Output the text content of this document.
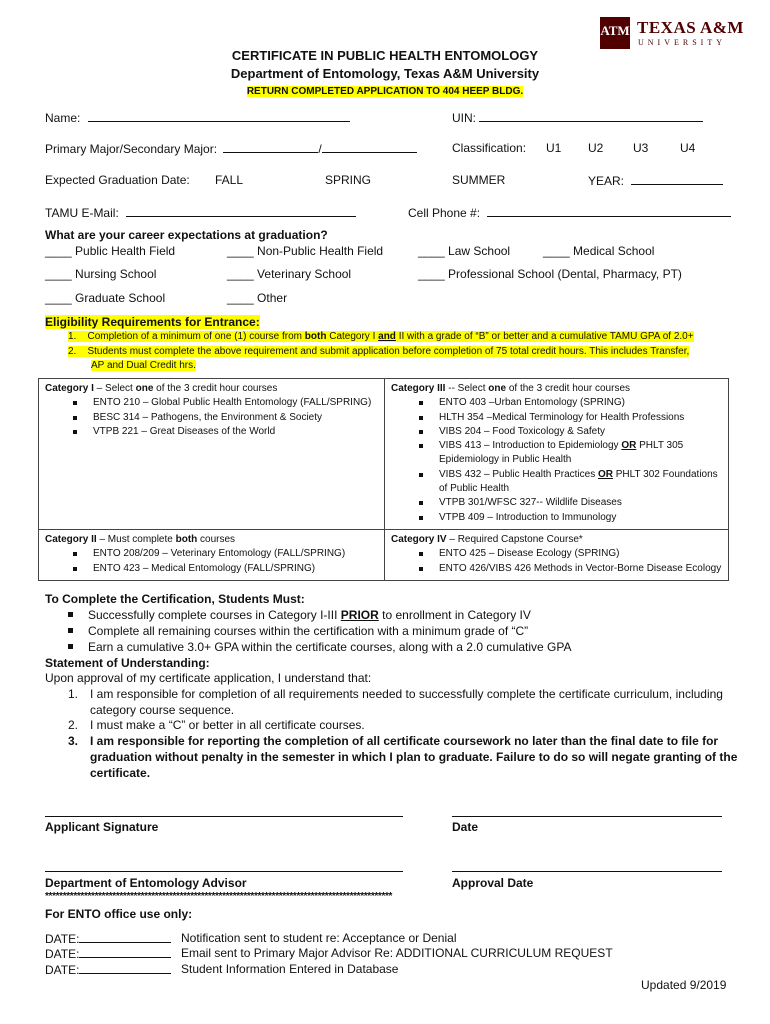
ATM TEXAS A&M
UNIVERSITY
CERTIFICATE IN PUBLIC HEALTH ENTOMOLOGY
Department of Entomology, Texas A&M University
RETURN COMPLETED APPLICATION TO 404 HEEP BLDG.
Name:	UIN:
Primary Major/Secondary Major:	/	Classification: U1 U2 U3	U4
Expected Graduation Date: FALL	SPRING	SUMMER	YEAR:
TAMU E-Mail:	Cell Phone #:
What are your career expectations at graduation?
____ Public Health Field	____ Non-Public Health Field	____ Law School	____ Medical School
____ Nursing School	____ Veterinary School	____ Professional School (Dental, Pharmacy, PT)
____ Graduate School	____ Other
Eligibility Requirements for Entrance:
1. Completion of a minimum of one (1) course from both Category I and II with a grade of “B” or better and a cumulative TAMU GPA of 2.0+
2. Students must complete the above requirement and submit application before completion of 75 total credit hours. This includes Transfer,
AP and Dual Credit hrs.
Category I – Select one of the 3 credit hour courses
ENTO 210 – Global Public Health Entomology (FALL/SPRING)
BESC 314 – Pathogens, the Environment & Society
VTPB 221 – Great Diseases of the World
Category III -- Select one of the 3 credit hour courses
ENTO 403 –Urban Entomology (SPRING)
HLTH 354 –Medical Terminology for Health Professions
VIBS 204 – Food Toxicology & Safety
VIBS 413 – Introduction to Epidemiology OR PHLT 305
Epidemiology in Public Health
VIBS 432 – Public Health Practices OR PHLT 302 Foundations
of Public Health
VTPB 301/WFSC 327-- Wildlife Diseases
VTPB 409 – Introduction to Immunology
Category II – Must complete both courses
ENTO 208/209 – Veterinary Entomology (FALL/SPRING)
ENTO 423 – Medical Entomology (FALL/SPRING)
Category IV – Required Capstone Course*
ENTO 425 – Disease Ecology (SPRING)
ENTO 426/VIBS 426 Methods in Vector-Borne Disease Ecology
To Complete the Certification, Students Must:
Successfully complete courses in Category I-III PRIOR to enrollment in Category IV
Complete all remaining courses within the certification with a minimum grade of “C”
Earn a cumulative 3.0+ GPA within the certificate courses, along with a 2.0 cumulative GPA
Statement of Understanding:
Upon approval of my certificate application, I understand that:
1. I am responsible for completion of all requirements needed to successfully complete the certificate curriculum, including
category course sequence.
2. I must make a “C” or better in all certificate courses.
3. I am responsible for reporting the completion of all certificate coursework no later than the final date to file for
graduation without penalty in the semester in which I plan to graduate. Failure to do so will negate granting of the
certificate.
Applicant Signature	Date
Department of Entomology Advisor	Approval Date
**************************************************************************************************
For ENTO office use only:
DATE:	Notification sent to student re: Acceptance or Denial
DATE:	Email sent to Primary Major Advisor Re: ADDITIONAL CURRICULUM REQUEST
DATE:	Student Information Entered in Database
Updated 9/2019
